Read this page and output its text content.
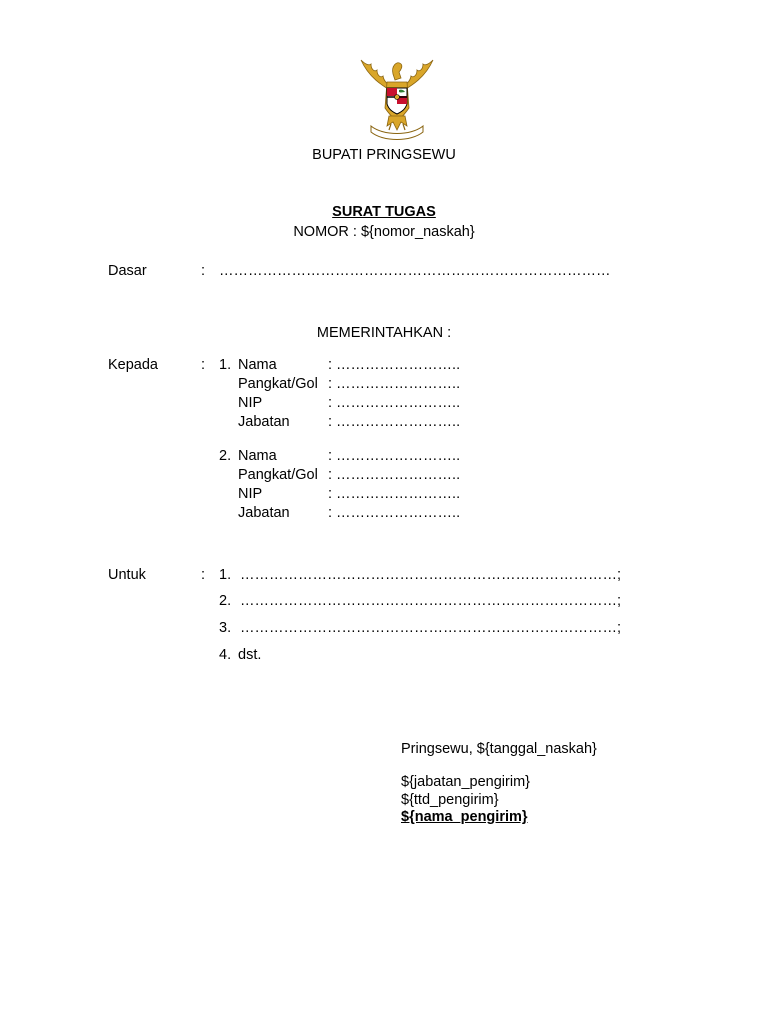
BUPATI PRINGSEWU
SURAT TUGAS
NOMOR : ${nomor_naskah}
Dasar	: ………………………………………………………………………
MEMERINTAHKAN :
Kepada	: 1. Nama	: ……………………..
Pangkat/Gol : ……………………..
NIP	: ……………………..
Jabatan	: ……………………..
2. Nama	: ……………………..
Pangkat/Gol : ……………………..
NIP	: ……………………..
Jabatan	: ……………………..
Untuk	: 1. ……………………………………………………………………;
2. ……………………………………………………………………;
3. ……………………………………………………………………;
4. dst.
Pringsewu, ${tanggal_naskah}
${jabatan_pengirim}
${ttd_pengirim}
${nama_pengirim}
